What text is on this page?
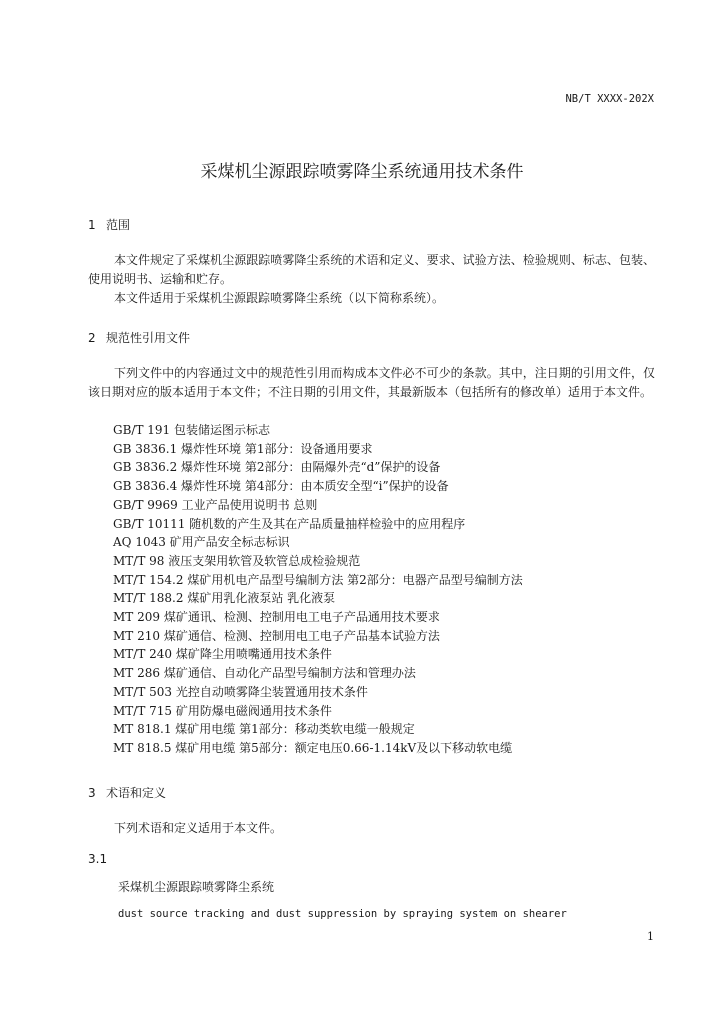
NB/T XXXX-202X
采煤机尘源跟踪喷雾降尘系统通用技术条件
1 范围
本文件规定了采煤机尘源跟踪喷雾降尘系统的术语和定义、要求、试验方法、检验规则、标志、包装、使用说明书、运输和贮存。
本文件适用于采煤机尘源跟踪喷雾降尘系统（以下简称系统）。
2 规范性引用文件
下列文件中的内容通过文中的规范性引用而构成本文件必不可少的条款。其中，注日期的引用文件，仅该日期对应的版本适用于本文件；不注日期的引用文件，其最新版本（包括所有的修改单）适用于本文件。
GB/T 191 包装储运图示标志
GB 3836.1 爆炸性环境 第1部分：设备通用要求
GB 3836.2 爆炸性环境 第2部分：由隔爆外壳“d”保护的设备
GB 3836.4 爆炸性环境 第4部分：由本质安全型“i”保护的设备
GB/T 9969 工业产品使用说明书 总则
GB/T 10111 随机数的产生及其在产品质量抽样检验中的应用程序
AQ 1043 矿用产品安全标志标识
MT/T 98 液压支架用软管及软管总成检验规范
MT/T 154.2 煤矿用机电产品型号编制方法 第2部分：电器产品型号编制方法
MT/T 188.2 煤矿用乳化液泵站 乳化液泵
MT 209 煤矿通讯、检测、控制用电工电子产品通用技术要求
MT 210 煤矿通信、检测、控制用电工电子产品基本试验方法
MT/T 240 煤矿降尘用喷嘴通用技术条件
MT 286 煤矿通信、自动化产品型号编制方法和管理办法
MT/T 503 光控自动喷雾降尘装置通用技术条件
MT/T 715 矿用防爆电磁阀通用技术条件
MT 818.1 煤矿用电缆 第1部分：移动类软电缆一般规定
MT 818.5 煤矿用电缆 第5部分：额定电压0.66-1.14kV及以下移动软电缆
3 术语和定义
下列术语和定义适用于本文件。
3.1
采煤机尘源跟踪喷雾降尘系统
dust source tracking and dust suppression by spraying system on shearer
1
